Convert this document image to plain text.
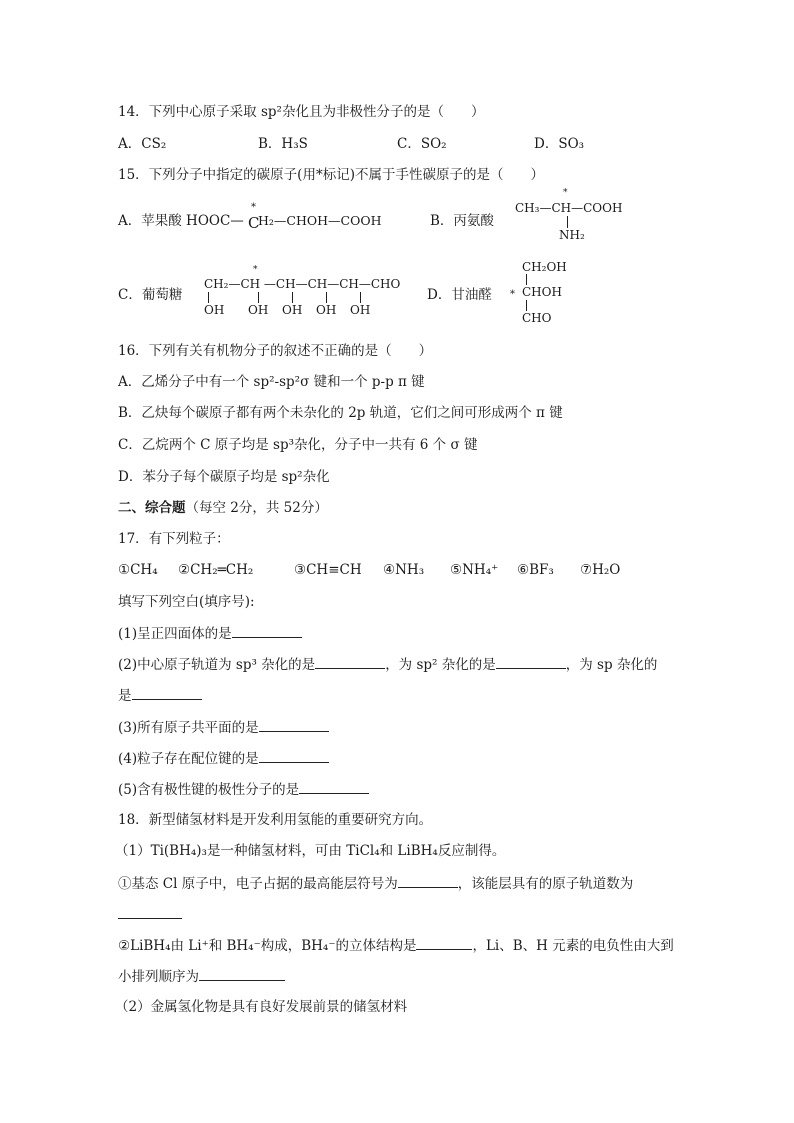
14．下列中心原子采取 sp²杂化且为非极性分子的是（　　）
A．CS₂	B．H₃S	C．SO₂	D．SO₃
15．下列分子中指定的碳原子(用*标记)不属于手性碳原子的是（　　）
A．苹果酸 HOOC—
*
C
H₂—CHOH—COOH	B．丙氨酸
*
CH₃—CH—COOH
NH₂
C．葡萄糖
*
CH₂—CH —CH—CH—CH—CHO
OH OH OH OH OH
D．甘油醛
CH₂OH
* CHOH
CHO
16．下列有关有机物分子的叙述不正确的是（　　）
A．乙烯分子中有一个 sp²-sp²σ 键和一个 p-p π 键
B．乙炔每个碳原子都有两个未杂化的 2p 轨道，它们之间可形成两个 π 键
C．乙烷两个 C 原子均是 sp³杂化，分子中一共有 6 个 σ 键
D．苯分子每个碳原子均是 sp²杂化
二、综合题（每空 2分，共 52分）
17．有下列粒子：
①CH₄ ②CH₂═CH₂	③CH≡CH ④NH₃ ⑤NH₄⁺ ⑥BF₃ ⑦H₂O
填写下列空白(填序号):
(1)呈正四面体的是
(2)中心原子轨道为 sp³ 杂化的是	，为 sp² 杂化的是	，为 sp 杂化的
是
(3)所有原子共平面的是
(4)粒子存在配位键的是
(5)含有极性键的极性分子的是
18．新型储氢材料是开发利用氢能的重要研究方向。
（1）Ti(BH₄)₃是一种储氢材料，可由 TiCl₄和 LiBH₄反应制得。
①基态 Cl 原子中，电子占据的最高能层符号为	，该能层具有的原子轨道数为
②LiBH₄由 Li⁺和 BH₄⁻构成，BH₄⁻的立体结构是	，Li、B、H 元素的电负性由大到
小排列顺序为
（2）金属氢化物是具有良好发展前景的储氢材料
